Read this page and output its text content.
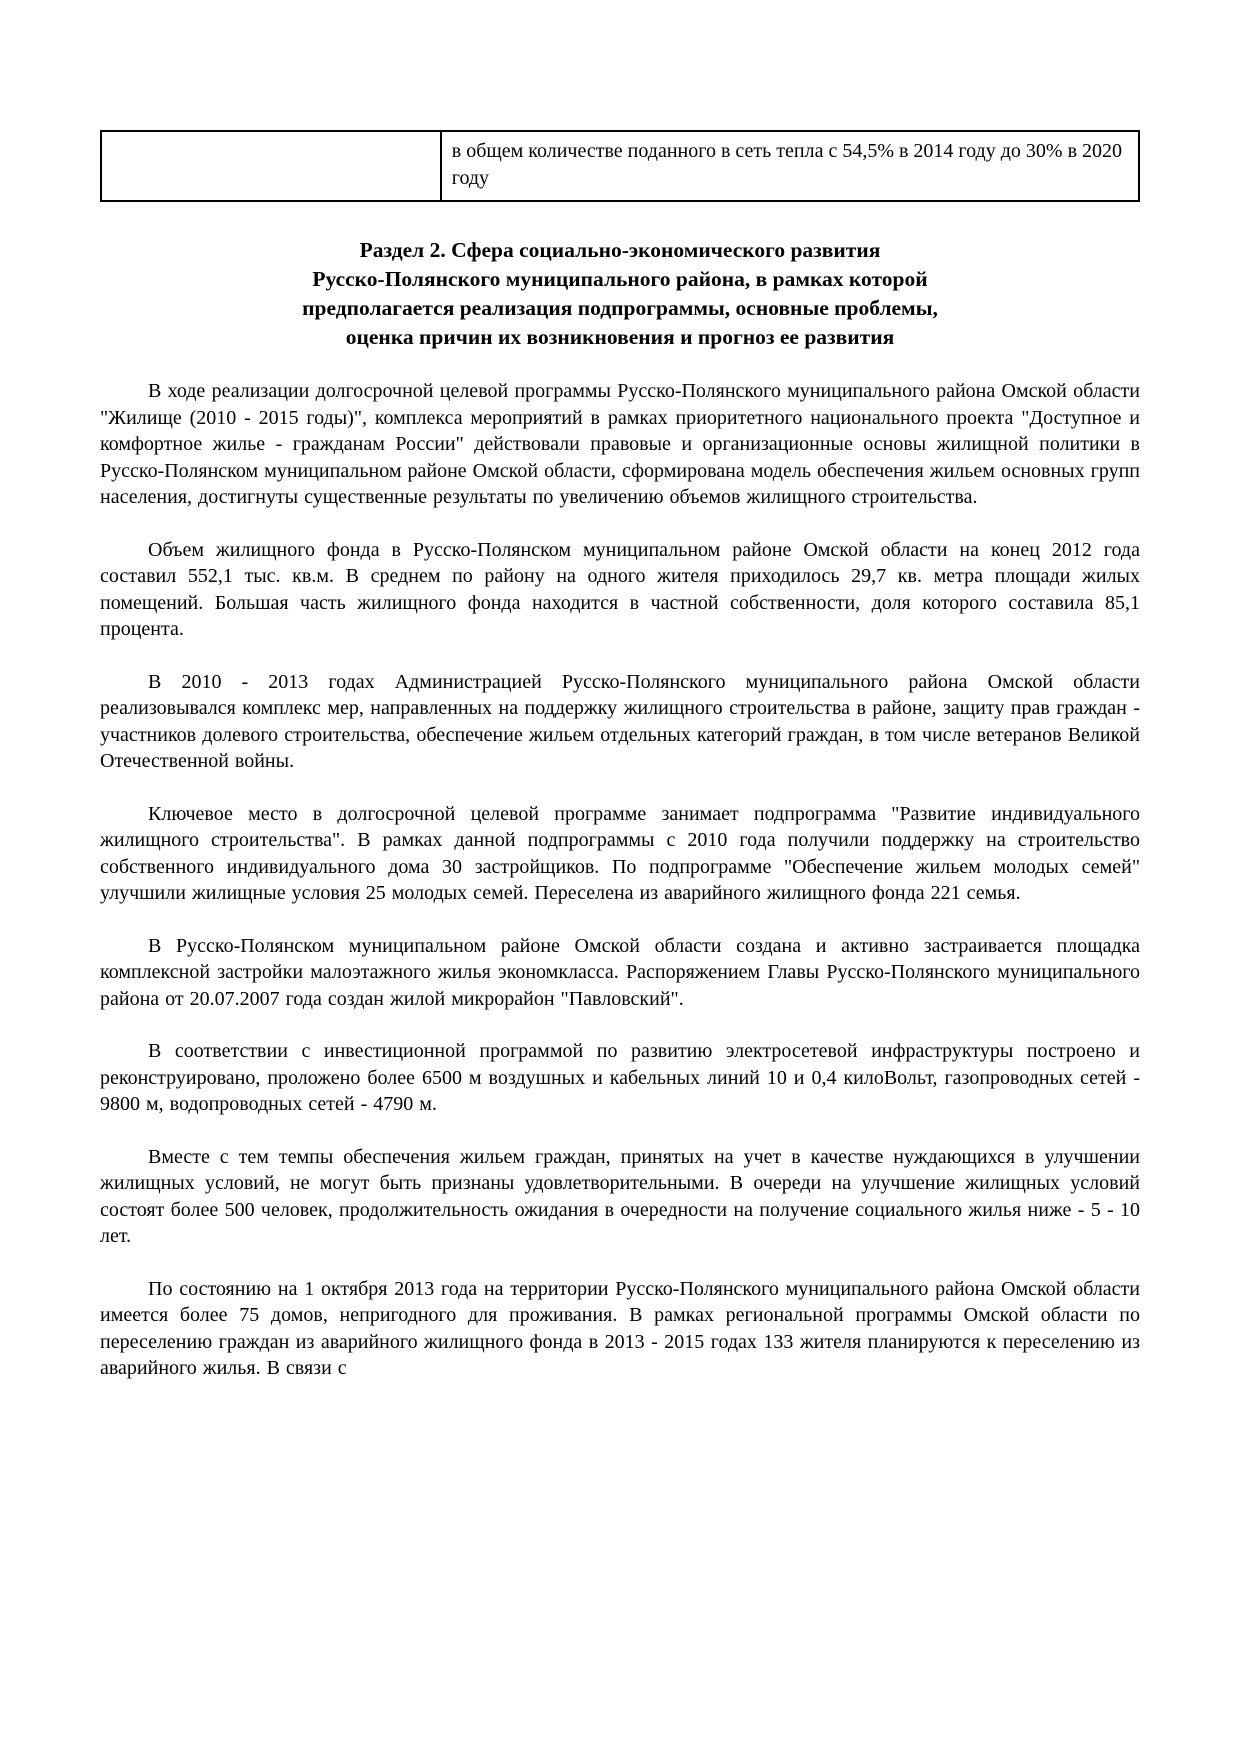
	в общем количестве поданного в сеть тепла с 54,5% в 2014 году до 30% в 2020 году
Раздел 2. Сфера социально-экономического развития
Русско-Полянского муниципального района, в рамках которой
предполагается реализация подпрограммы, основные проблемы,
оценка причин их возникновения и прогноз ее развития

В ходе реализации долгосрочной целевой программы Русско-Полянского муниципального района Омской области "Жилище (2010 - 2015 годы)", комплекса мероприятий в рамках приоритетного национального проекта "Доступное и комфортное жилье - гражданам России" действовали правовые и организационные основы жилищной политики в Русско-Полянском муниципальном районе Омской области, сформирована модель обеспечения жильем основных групп населения, достигнуты существенные результаты по увеличению объемов жилищного строительства.

Объем жилищного фонда в Русско-Полянском муниципальном районе Омской области на конец 2012 года составил 552,1 тыс. кв.м. В среднем по району на одного жителя приходилось 29,7 кв. метра площади жилых помещений. Большая часть жилищного фонда находится в частной собственности, доля которого составила 85,1 процента.

В 2010 - 2013 годах Администрацией Русско-Полянского муниципального района Омской области реализовывался комплекс мер, направленных на поддержку жилищного строительства в районе, защиту прав граждан - участников долевого строительства, обеспечение жильем отдельных категорий граждан, в том числе ветеранов Великой Отечественной войны.

Ключевое место в долгосрочной целевой программе занимает подпрограмма "Развитие индивидуального жилищного строительства". В рамках данной подпрограммы с 2010 года получили поддержку на строительство собственного индивидуального дома 30 застройщиков. По подпрограмме "Обеспечение жильем молодых семей" улучшили жилищные условия 25 молодых семей. Переселена из аварийного жилищного фонда 221 семья.

В Русско-Полянском муниципальном районе Омской области создана и активно застраивается площадка комплексной застройки малоэтажного жилья экономкласса. Распоряжением Главы Русско-Полянского муниципального района от 20.07.2007 года создан жилой микрорайон "Павловский".

В соответствии с инвестиционной программой по развитию электросетевой инфраструктуры построено и реконструировано, проложено более 6500 м воздушных и кабельных линий 10 и 0,4 килоВольт, газопроводных сетей - 9800 м, водопроводных сетей - 4790 м.

Вместе с тем темпы обеспечения жильем граждан, принятых на учет в качестве нуждающихся в улучшении жилищных условий, не могут быть признаны удовлетворительными. В очереди на улучшение жилищных условий состоят более 500 человек, продолжительность ожидания в очередности на получение социального жилья ниже - 5 - 10 лет.

По состоянию на 1 октября 2013 года на территории Русско-Полянского муниципального района Омской области имеется более 75 домов, непригодного для проживания. В рамках региональной программы Омской области по переселению граждан из аварийного жилищного фонда в 2013 - 2015 годах 133 жителя планируются к переселению из аварийного жилья. В связи с
